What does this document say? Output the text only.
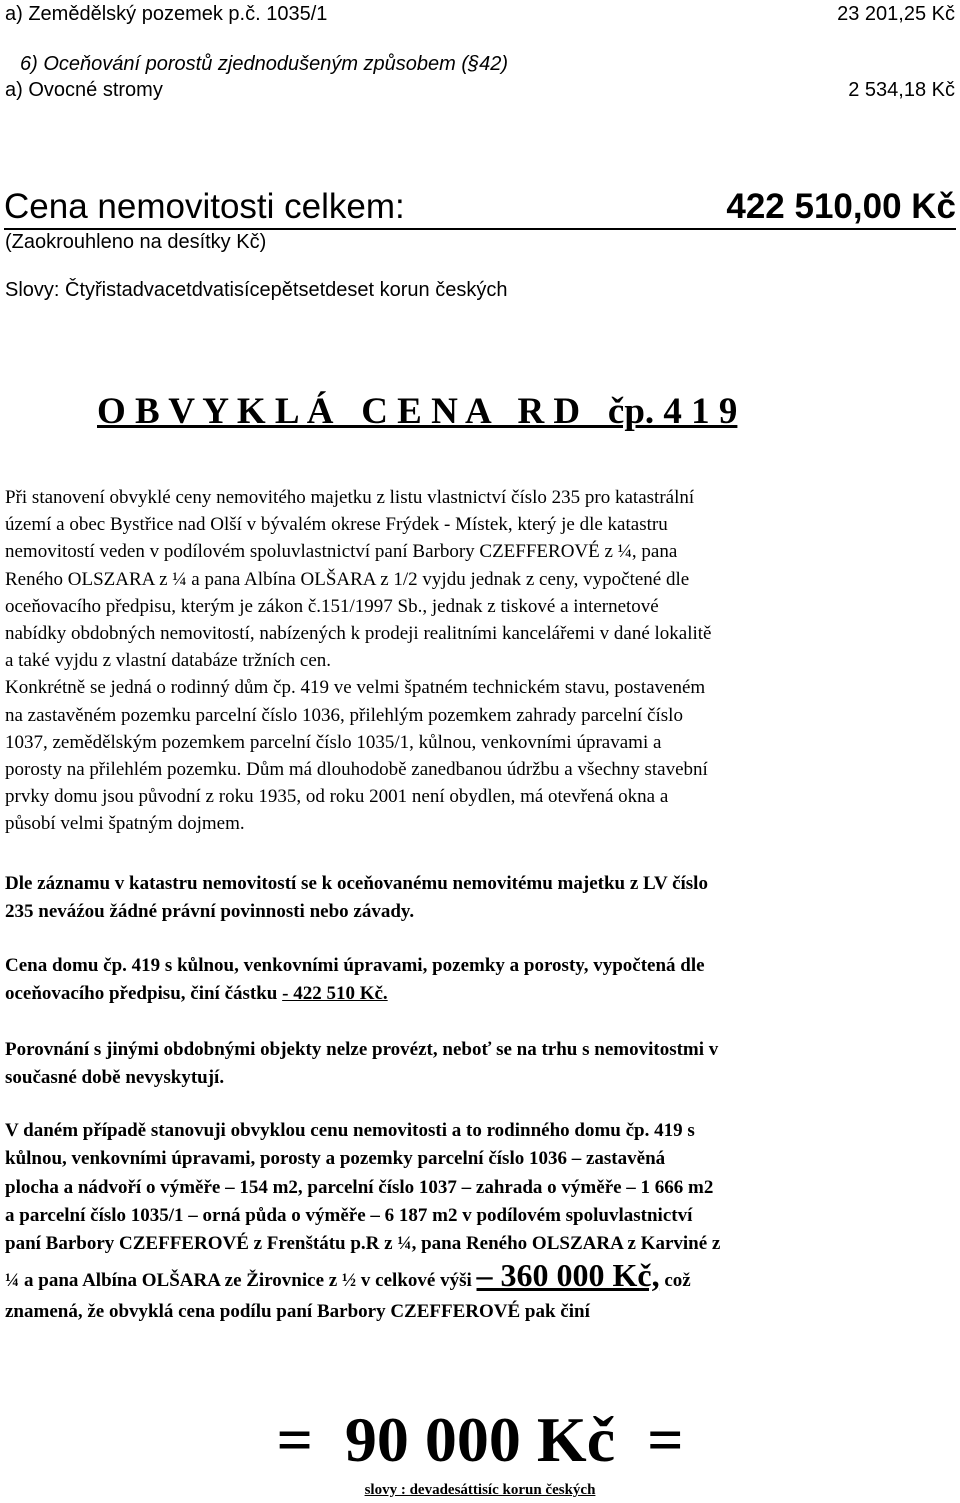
a) Zemědělský pozemek p.č. 1035/1	23 201,25 Kč
6) Oceňování porostů zjednodušeným způsobem (§42)
a) Ovocné stromy	2 534,18 Kč
Cena nemovitosti celkem:	422 510,00 Kč
(Zaokrouhleno na desítky Kč)
Slovy: Čtyřistadvacetdvatisícepětsetdeset korun českých
O B V Y K L Á   C E N A   R D   čp. 4 1 9
Při stanovení obvyklé ceny nemovitého majetku z listu vlastnictví číslo 235 pro katastrální
území a obec Bystřice nad Olší v bývalém okrese Frýdek - Místek, který je dle katastru
nemovitostí veden v podílovém spoluvlastnictví paní Barbory CZEFFEROVÉ z ¼, pana
Reného OLSZARA z ¼ a pana Albína OLŠARA z 1/2 vyjdu jednak z ceny, vypočtené dle
oceňovacího předpisu, kterým je zákon č.151/1997 Sb., jednak z tiskové a internetové
nabídky obdobných nemovitostí, nabízených k prodeji realitními kancelářemi v dané lokalitě
a také vyjdu z vlastní databáze tržních cen.
Konkrétně se jedná o rodinný dům čp. 419 ve velmi špatném technickém stavu, postaveném
na zastavěném pozemku parcelní číslo 1036, přilehlým pozemkem zahrady parcelní číslo
1037, zemědělským pozemkem parcelní číslo 1035/1, kůlnou, venkovními úpravami a
porosty na přilehlém pozemku. Dům má dlouhodobě zanedbanou údržbu a všechny stavební
prvky domu jsou původní z roku 1935, od roku 2001 není obydlen, má otevřená okna a
působí velmi špatným dojmem.
Dle záznamu v katastru nemovitostí se k oceňovanému nemovitému majetku z LV číslo
235 neváźou žádné právní povinnosti nebo závady.
Cena domu čp. 419 s kůlnou, venkovními úpravami, pozemky a porosty, vypočtená dle
oceňovacího předpisu, činí částku - 422 510 Kč.
Porovnání s jinými obdobnými objekty nelze provézt, neboť se na trhu s nemovitostmi v
současné době nevyskytují.
V daném případě stanovuji obvyklou cenu nemovitosti a to rodinného domu čp. 419 s
kůlnou, venkovními úpravami, porosty a pozemky parcelní číslo 1036 – zastavěná
plocha a nádvoří o výměře – 154 m2, parcelní číslo 1037 – zahrada o výměře – 1 666 m2
a parcelní číslo 1035/1 – orná půda o výměře – 6 187 m2 v podílovém spoluvlastnictví
paní Barbory CZEFFEROVÉ z Frenštátu p.R z ¼, pana Reného OLSZARA z Karviné z
¼ a pana Albína OLŠARA ze Žirovnice z ½ v celkové výši – 360 000 Kč, což
znamená, že obvyklá cena podílu paní Barbory CZEFFEROVÉ pak činí
=  90 000 Kč  =
slovy : devadesáttisíc korun českých
